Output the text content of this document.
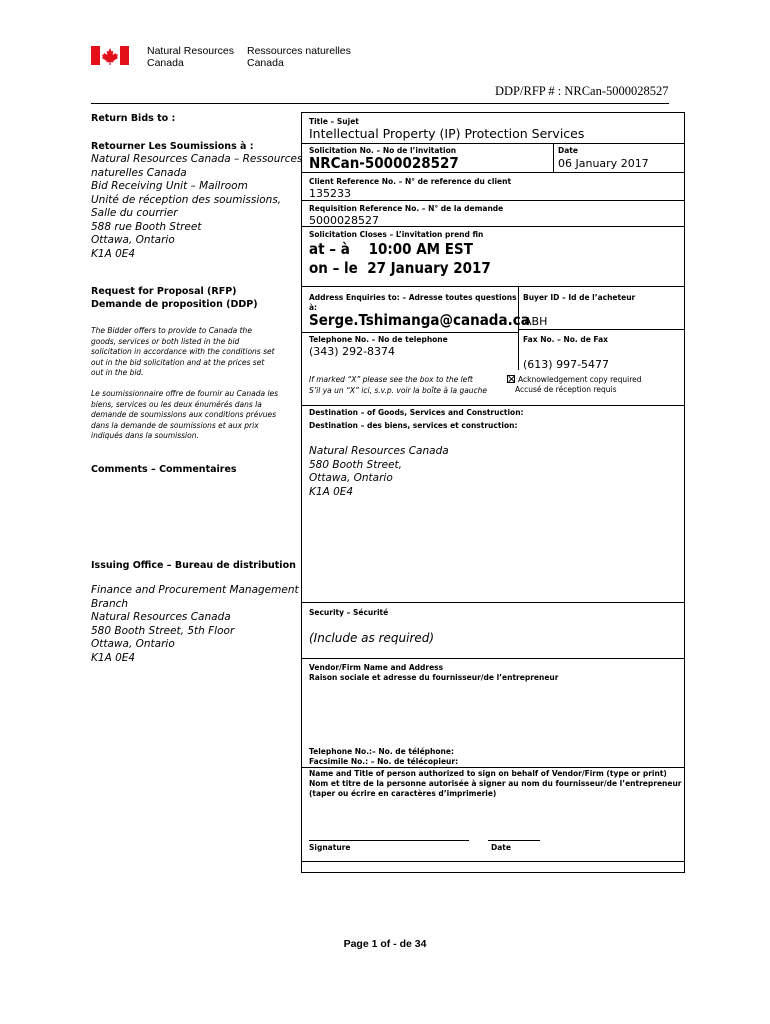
Natural Resources
Canada
Ressources naturelles
Canada
DDP/RFP # : NRCan-5000028527
Return Bids to :
Retourner Les Soumissions à :
Natural Resources Canada – Ressources
naturelles Canada
Bid Receiving Unit – Mailroom
Unité de réception des soumissions,
Salle du courrier
588 rue Booth Street
Ottawa, Ontario
K1A 0E4
Request for Proposal (RFP)
Demande de proposition (DDP)
The Bidder offers to provide to Canada the
goods, services or both listed in the bid
solicitation in accordance with the conditions set
out in the bid solicitation and at the prices set
out in the bid.
Le soumissionnaire offre de fournir au Canada les
biens, services ou les deux énumérés dans la
demande de soumissions aux conditions prévues
dans la demande de soumissions et aux prix
indiqués dans la soumission.
Comments – Commentaires
Issuing Office – Bureau de distribution
Finance and Procurement Management
Branch
Natural Resources Canada
580 Booth Street, 5th Floor
Ottawa, Ontario
K1A 0E4
Title – Sujet
Intellectual Property (IP) Protection Services
Solicitation No. – No de l’invitation
NRCan-5000028527
Date
06 January 2017
Client Reference No. – N° de reference du client
135233
Requisition Reference No. – N° de la demande
5000028527
Solicitation Closes – L’invitation prend fin
at – à 10:00 AM EST
on – le 27 January 2017
Address Enquiries to: – Adresse toutes questions
à:
Serge.Tshimanga@canada.ca
Buyer ID – Id de l’acheteur
ABH
Telephone No. – No de telephone
(343) 292-8374
Fax No. – No. de Fax
(613) 997-5477
If marked “X” please see the box to the left
S’il ya un “X” ici, s.v.p. voir la boîte à la gauche
Acknowledgement copy required
Accusé de réception requis
Destination – of Goods, Services and Construction:
Destination – des biens, services et construction:
Natural Resources Canada
580 Booth Street,
Ottawa, Ontario
K1A 0E4
Security – Sécurité
(Include as required)
Vendor/Firm Name and Address
Raison sociale et adresse du fournisseur/de l’entrepreneur
Telephone No.:– No. de téléphone:
Facsimile No.: – No. de télécopieur:
Name and Title of person authorized to sign on behalf of Vendor/Firm (type or print)
Nom et titre de la personne autorisée à signer au nom du fournisseur/de l’entrepreneur
(taper ou écrire en caractères d’imprimerie)
Signature	Date
Page 1 of - de 34
